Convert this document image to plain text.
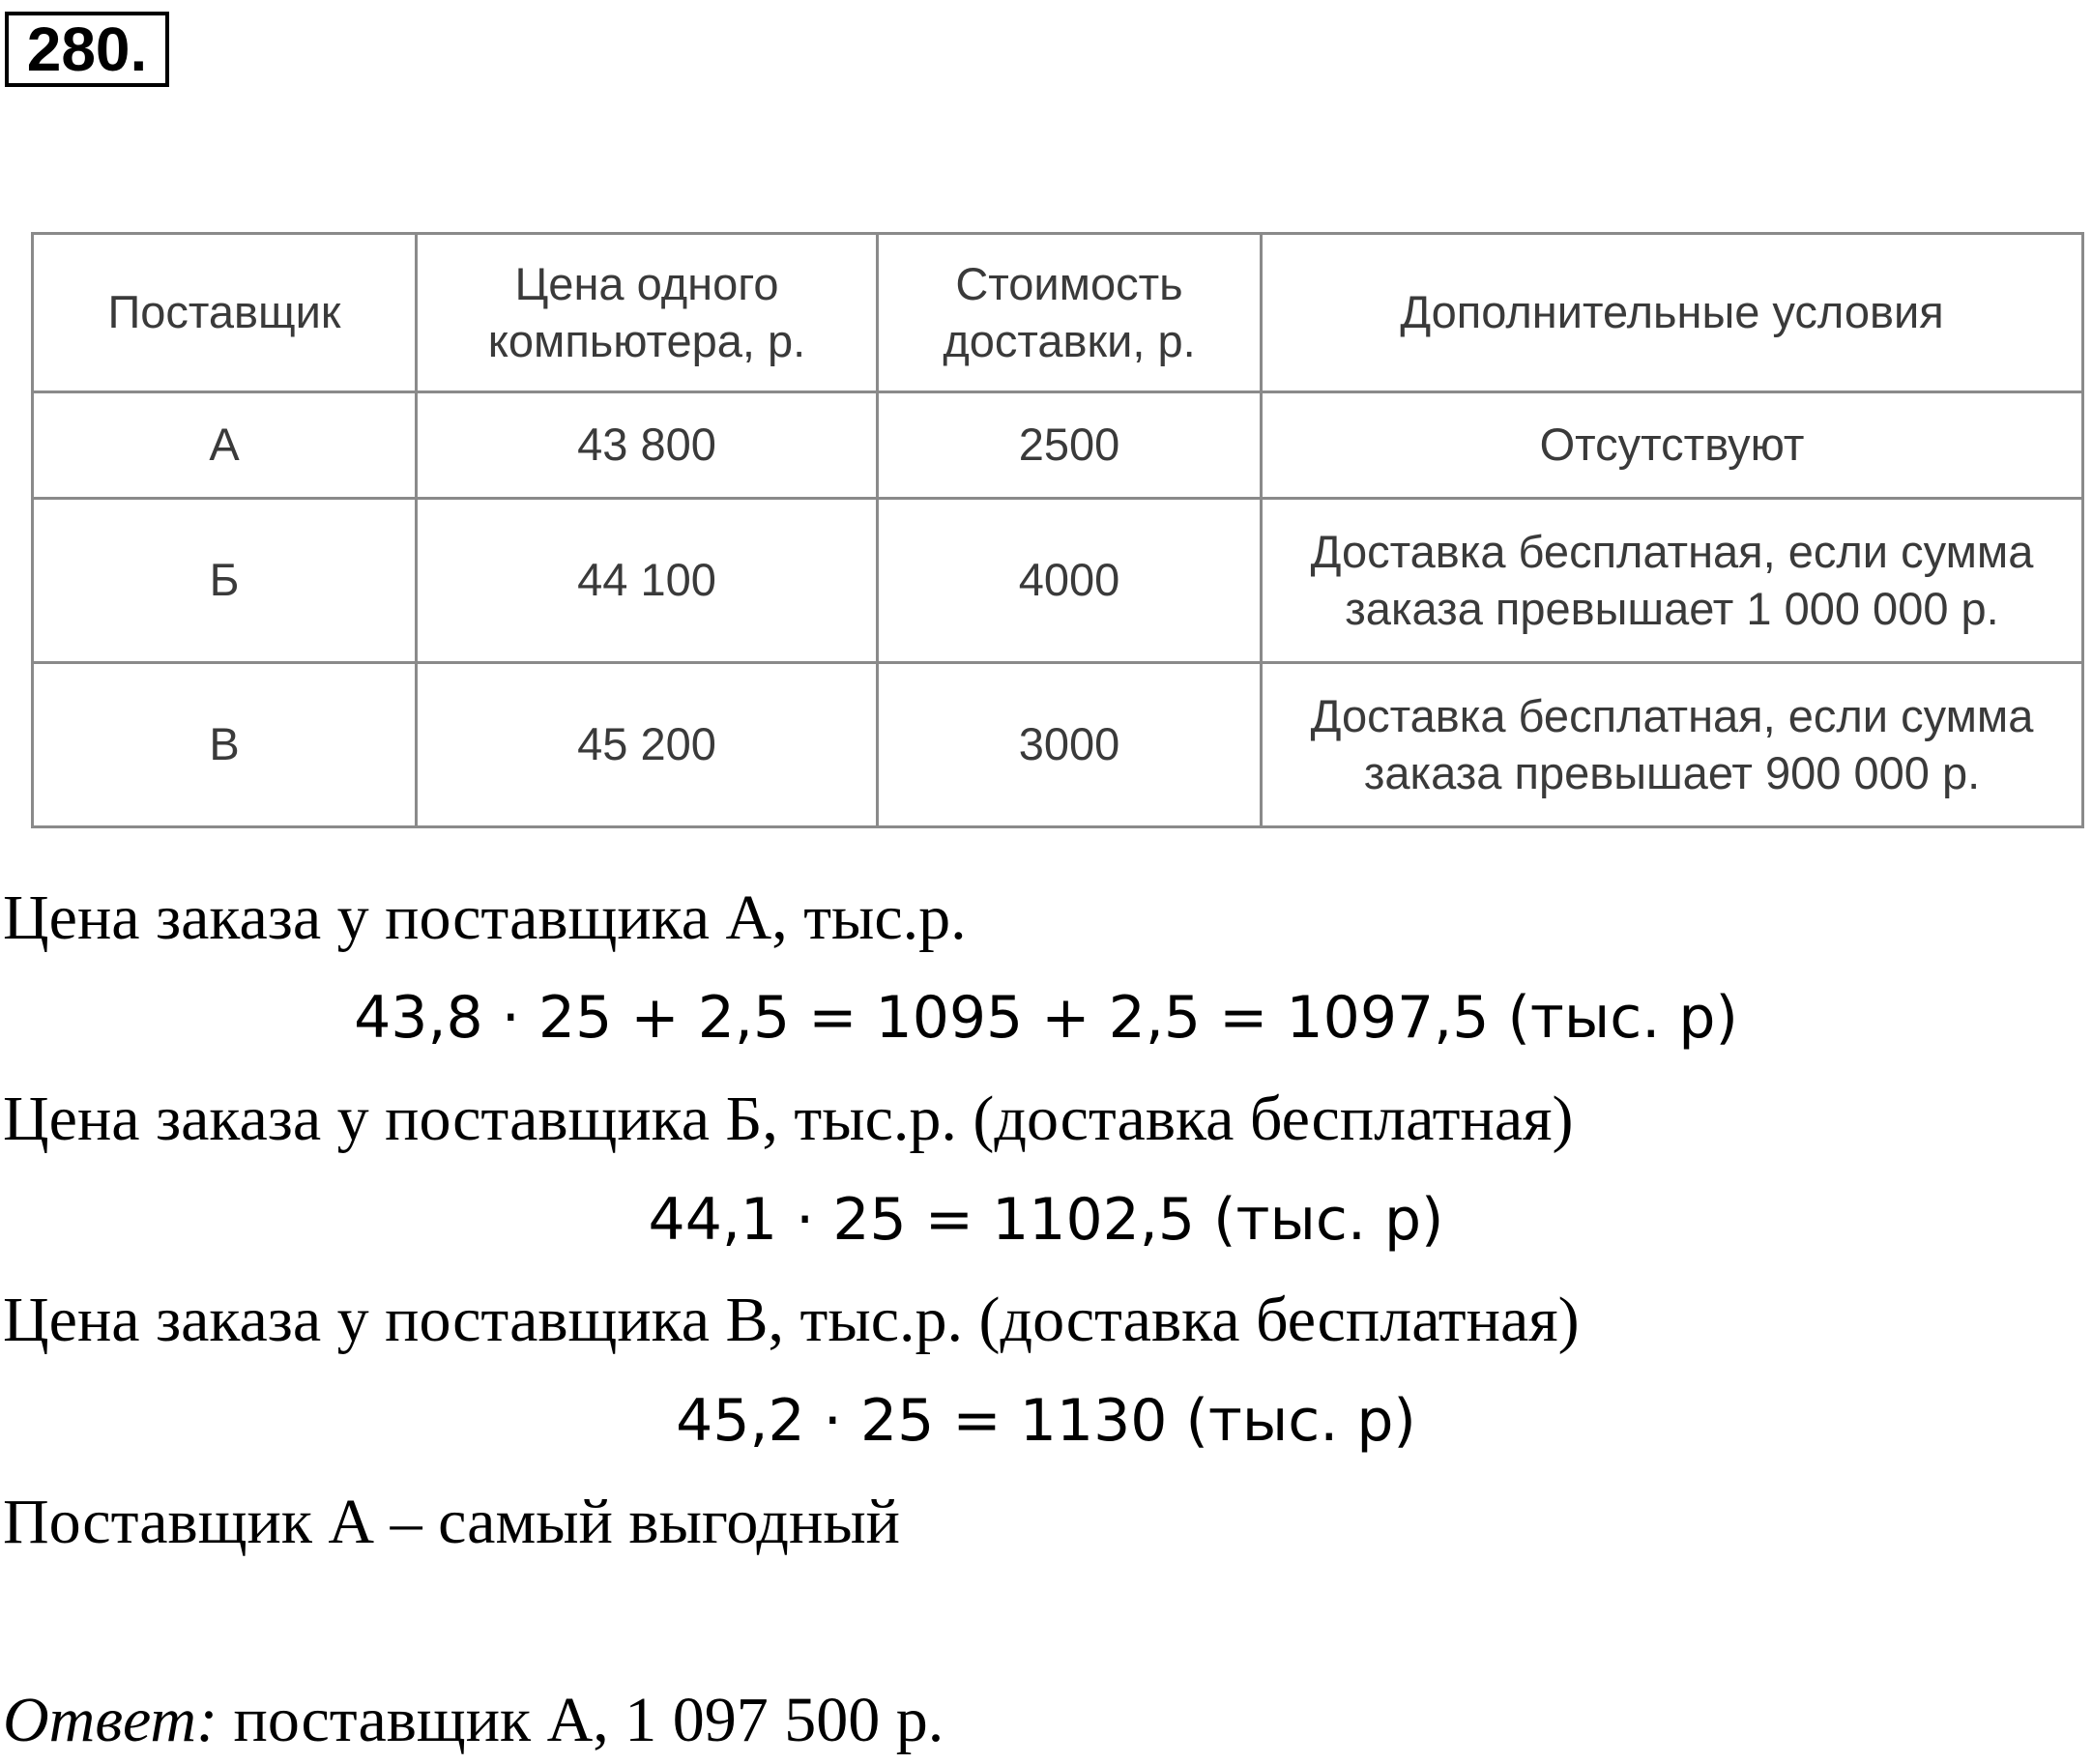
280.
Поставщик	Цена одного компьютера, р.	Стоимость доставки, р.	Дополнительные условия
А	43 800	2500	Отсутствуют
Б	44 100	4000	Доставка бесплатная, если сумма заказа превышает 1 000 000 р.
В	45 200	3000	Доставка бесплатная, если сумма заказа превышает 900 000 р.
Цена заказа у поставщика А, тыс.р.
43,8 · 25 + 2,5 = 1095 + 2,5 = 1097,5 (тыс. р)
Цена заказа у поставщика Б, тыс.р. (доставка бесплатная)
44,1 · 25 = 1102,5 (тыс. р)
Цена заказа у поставщика В, тыс.р. (доставка бесплатная)
45,2 · 25 = 1130 (тыс. р)
Поставщик А – самый выгодный
Ответ: поставщик А, 1 097 500 р.
